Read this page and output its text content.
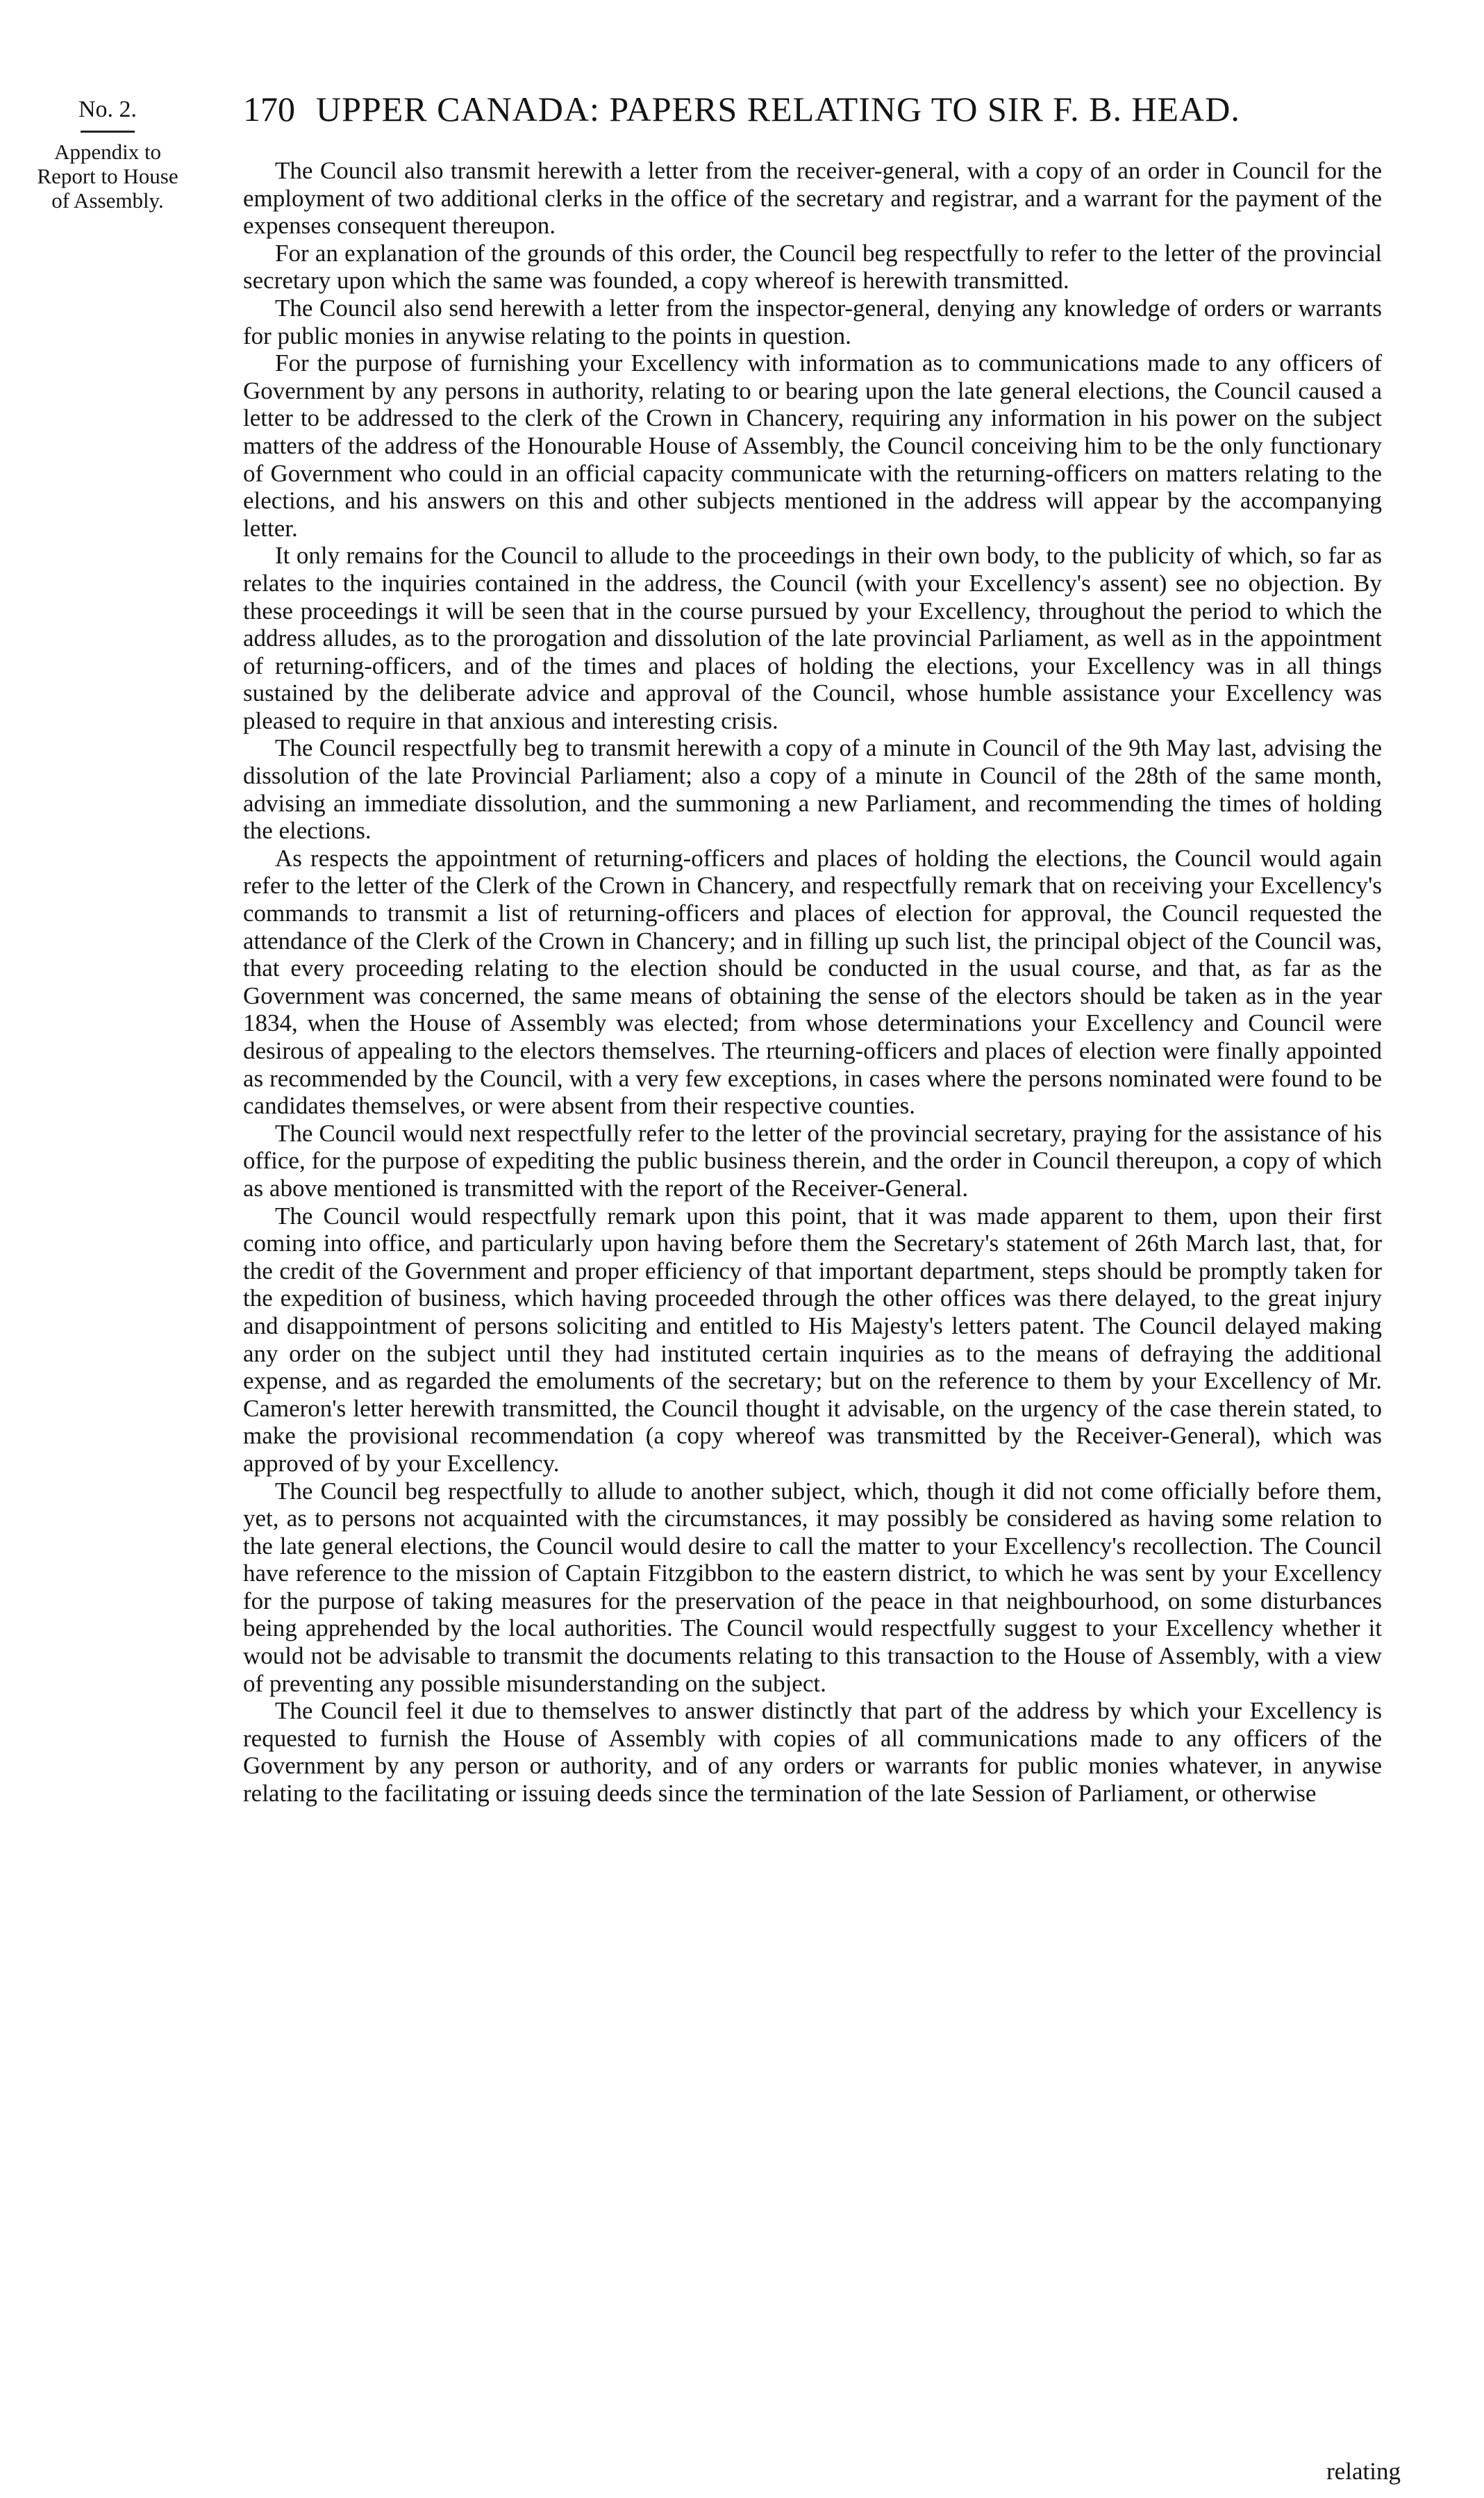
No. 2.
Appendix to
Report to House
of Assembly.
170 UPPER CANADA: PAPERS RELATING TO SIR F. B. HEAD.

The Council also transmit herewith a letter from the receiver-general, with a copy of an order in Council for the employment of two additional clerks in the office of the secretary and registrar, and a warrant for the payment of the expenses consequent thereupon.

For an explanation of the grounds of this order, the Council beg respectfully to refer to the letter of the provincial secretary upon which the same was founded, a copy whereof is herewith transmitted.

The Council also send herewith a letter from the inspector-general, denying any knowledge of orders or warrants for public monies in anywise relating to the points in question.

For the purpose of furnishing your Excellency with information as to communications made to any officers of Government by any persons in authority, relating to or bearing upon the late general elections, the Council caused a letter to be addressed to the clerk of the Crown in Chancery, requiring any information in his power on the subject matters of the address of the Honourable House of Assembly, the Council conceiving him to be the only functionary of Government who could in an official capacity communicate with the returning-officers on matters relating to the elections, and his answers on this and other subjects mentioned in the address will appear by the accompanying letter.

It only remains for the Council to allude to the proceedings in their own body, to the publicity of which, so far as relates to the inquiries contained in the address, the Council (with your Excellency's assent) see no objection. By these proceedings it will be seen that in the course pursued by your Excellency, throughout the period to which the address alludes, as to the prorogation and dissolution of the late provincial Parliament, as well as in the appointment of returning-officers, and of the times and places of holding the elections, your Excellency was in all things sustained by the deliberate advice and approval of the Council, whose humble assistance your Excellency was pleased to require in that anxious and interesting crisis.

The Council respectfully beg to transmit herewith a copy of a minute in Council of the 9th May last, advising the dissolution of the late Provincial Parliament; also a copy of a minute in Council of the 28th of the same month, advising an immediate dissolution, and the summoning a new Parliament, and recommending the times of holding the elections.

As respects the appointment of returning-officers and places of holding the elections, the Council would again refer to the letter of the Clerk of the Crown in Chancery, and respectfully remark that on receiving your Excellency's commands to transmit a list of returning-officers and places of election for approval, the Council requested the attendance of the Clerk of the Crown in Chancery; and in filling up such list, the principal object of the Council was, that every proceeding relating to the election should be conducted in the usual course, and that, as far as the Government was concerned, the same means of obtaining the sense of the electors should be taken as in the year 1834, when the House of Assembly was elected; from whose determinations your Excellency and Council were desirous of appealing to the electors themselves. The rteurning-officers and places of election were finally appointed as recommended by the Council, with a very few exceptions, in cases where the persons nominated were found to be candidates themselves, or were absent from their respective counties.

The Council would next respectfully refer to the letter of the provincial secretary, praying for the assistance of his office, for the purpose of expediting the public business therein, and the order in Council thereupon, a copy of which as above mentioned is transmitted with the report of the Receiver-General.

The Council would respectfully remark upon this point, that it was made apparent to them, upon their first coming into office, and particularly upon having before them the Secretary's statement of 26th March last, that, for the credit of the Government and proper efficiency of that important department, steps should be promptly taken for the expedition of business, which having proceeded through the other offices was there delayed, to the great injury and disappointment of persons soliciting and entitled to His Majesty's letters patent. The Council delayed making any order on the subject until they had instituted certain inquiries as to the means of defraying the additional expense, and as regarded the emoluments of the secretary; but on the reference to them by your Excellency of Mr. Cameron's letter herewith transmitted, the Council thought it advisable, on the urgency of the case therein stated, to make the provisional recommendation (a copy whereof was transmitted by the Receiver-General), which was approved of by your Excellency.

The Council beg respectfully to allude to another subject, which, though it did not come officially before them, yet, as to persons not acquainted with the circumstances, it may possibly be considered as having some relation to the late general elections, the Council would desire to call the matter to your Excellency's recollection. The Council have reference to the mission of Captain Fitzgibbon to the eastern district, to which he was sent by your Excellency for the purpose of taking measures for the preservation of the peace in that neighbourhood, on some disturbances being apprehended by the local authorities. The Council would respectfully suggest to your Excellency whether it would not be advisable to transmit the documents relating to this transaction to the House of Assembly, with a view of preventing any possible misunderstanding on the subject.

The Council feel it due to themselves to answer distinctly that part of the address by which your Excellency is requested to furnish the House of Assembly with copies of all communications made to any officers of the Government by any person or authority, and of any orders or warrants for public monies whatever, in anywise relating to the facilitating or issuing deeds since the termination of the late Session of Parliament, or otherwise

relating
